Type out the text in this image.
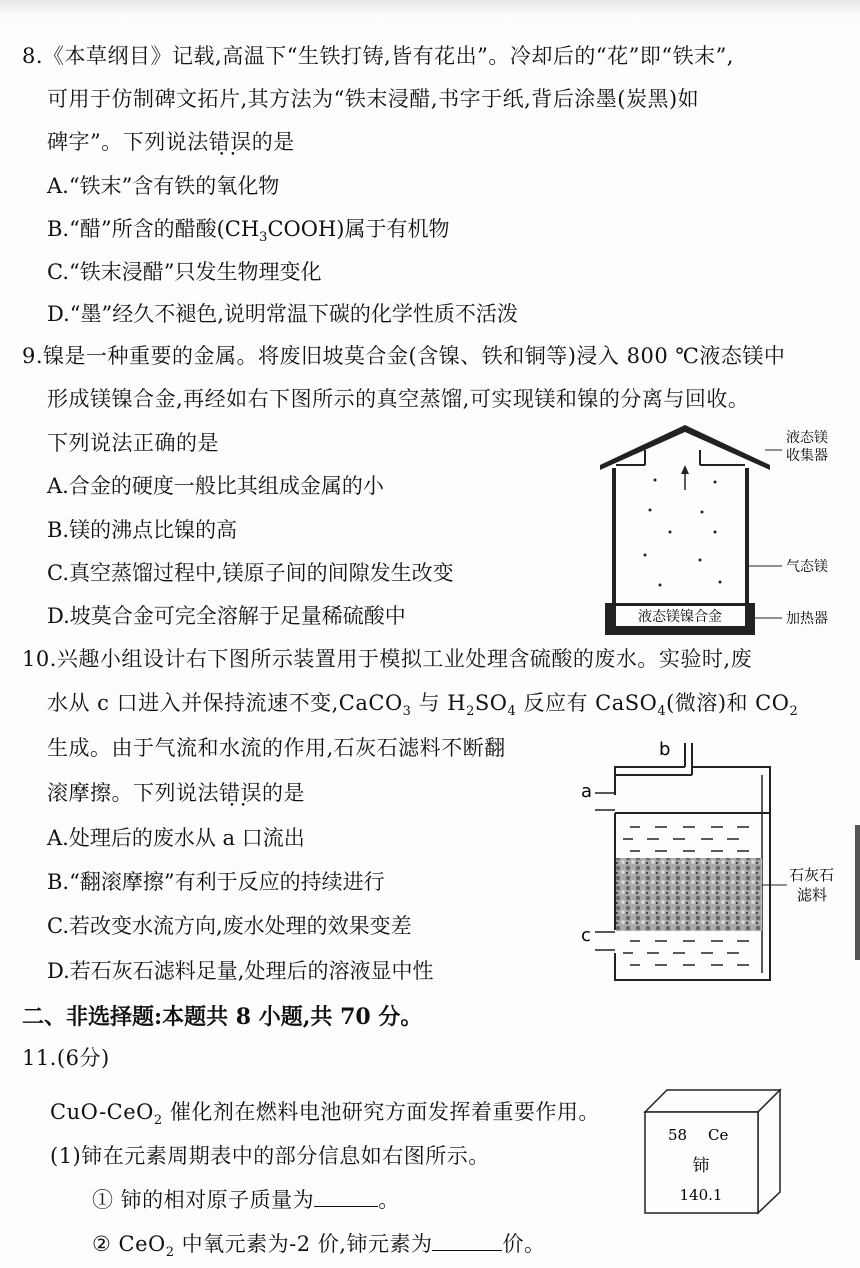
8.《本草纲目》记载,高温下“生铁打铸,皆有花出”。冷却后的“花”即“铁末”,
可用于仿制碑文拓片,其方法为“铁末浸醋,书字于纸,背后涂墨(炭黑)如
碑字”。下列说法错误 ••的是
A.“铁末”含有铁的氧化物
B.“醋”所含的醋酸$(CH_3COOH)$属于有机物
C.“铁末浸醋”只发生物理变化
D.“墨”经久不褪色,说明常温下碳的化学性质不活泼
9.镍是一种重要的金属。将废旧坡莫合金(含镍、铁和铜等)浸入 800 ℃液态镁中
形成镁镍合金,再经如右下图所示的真空蒸馏,可实现镁和镍的分离与回收。
下列说法正确的是
A.合金的硬度一般比其组成金属的小
B.镁的沸点比镍的高
C.真空蒸馏过程中,镁原子间的间隙发生改变
D.坡莫合金可完全溶解于足量稀硫酸中	液态镁镍合金
液态镁
收集器
气态镁
加热器
10.兴趣小组设计右下图所示装置用于模拟工业处理含硫酸的废水。实验时,废
水从 c 口进入并保持流速不变,CaCO$_3$ 与 $H_2SO_4$ 反应有 CaSO$_4$(微溶)和 $CO_2$
生成。由于气流和水流的作用,石灰石滤料不断翻
滚摩擦。下列说法错误 ••的是
A.处理后的废水从 a 口流出
B.“翻滚摩擦”有利于反应的持续进行
C.若改变水流方向,废水处理的效果变差
D.若石灰石滤料足量,处理后的溶液显中性
b
a
c
石灰石
滤料
二、非选择题:本题共 8 小题,共 70 分。
11.(6分)
CuO-CeO$_2$ 催化剂在燃料电池研究方面发挥着重要作用。
(1)铈在元素周期表中的部分信息如右图所示。
① 铈的相对原子质量为	。
② CeO$_2$ 中氧元素为-2 价,铈元素为	价。
58 Ce
铈
140.1
